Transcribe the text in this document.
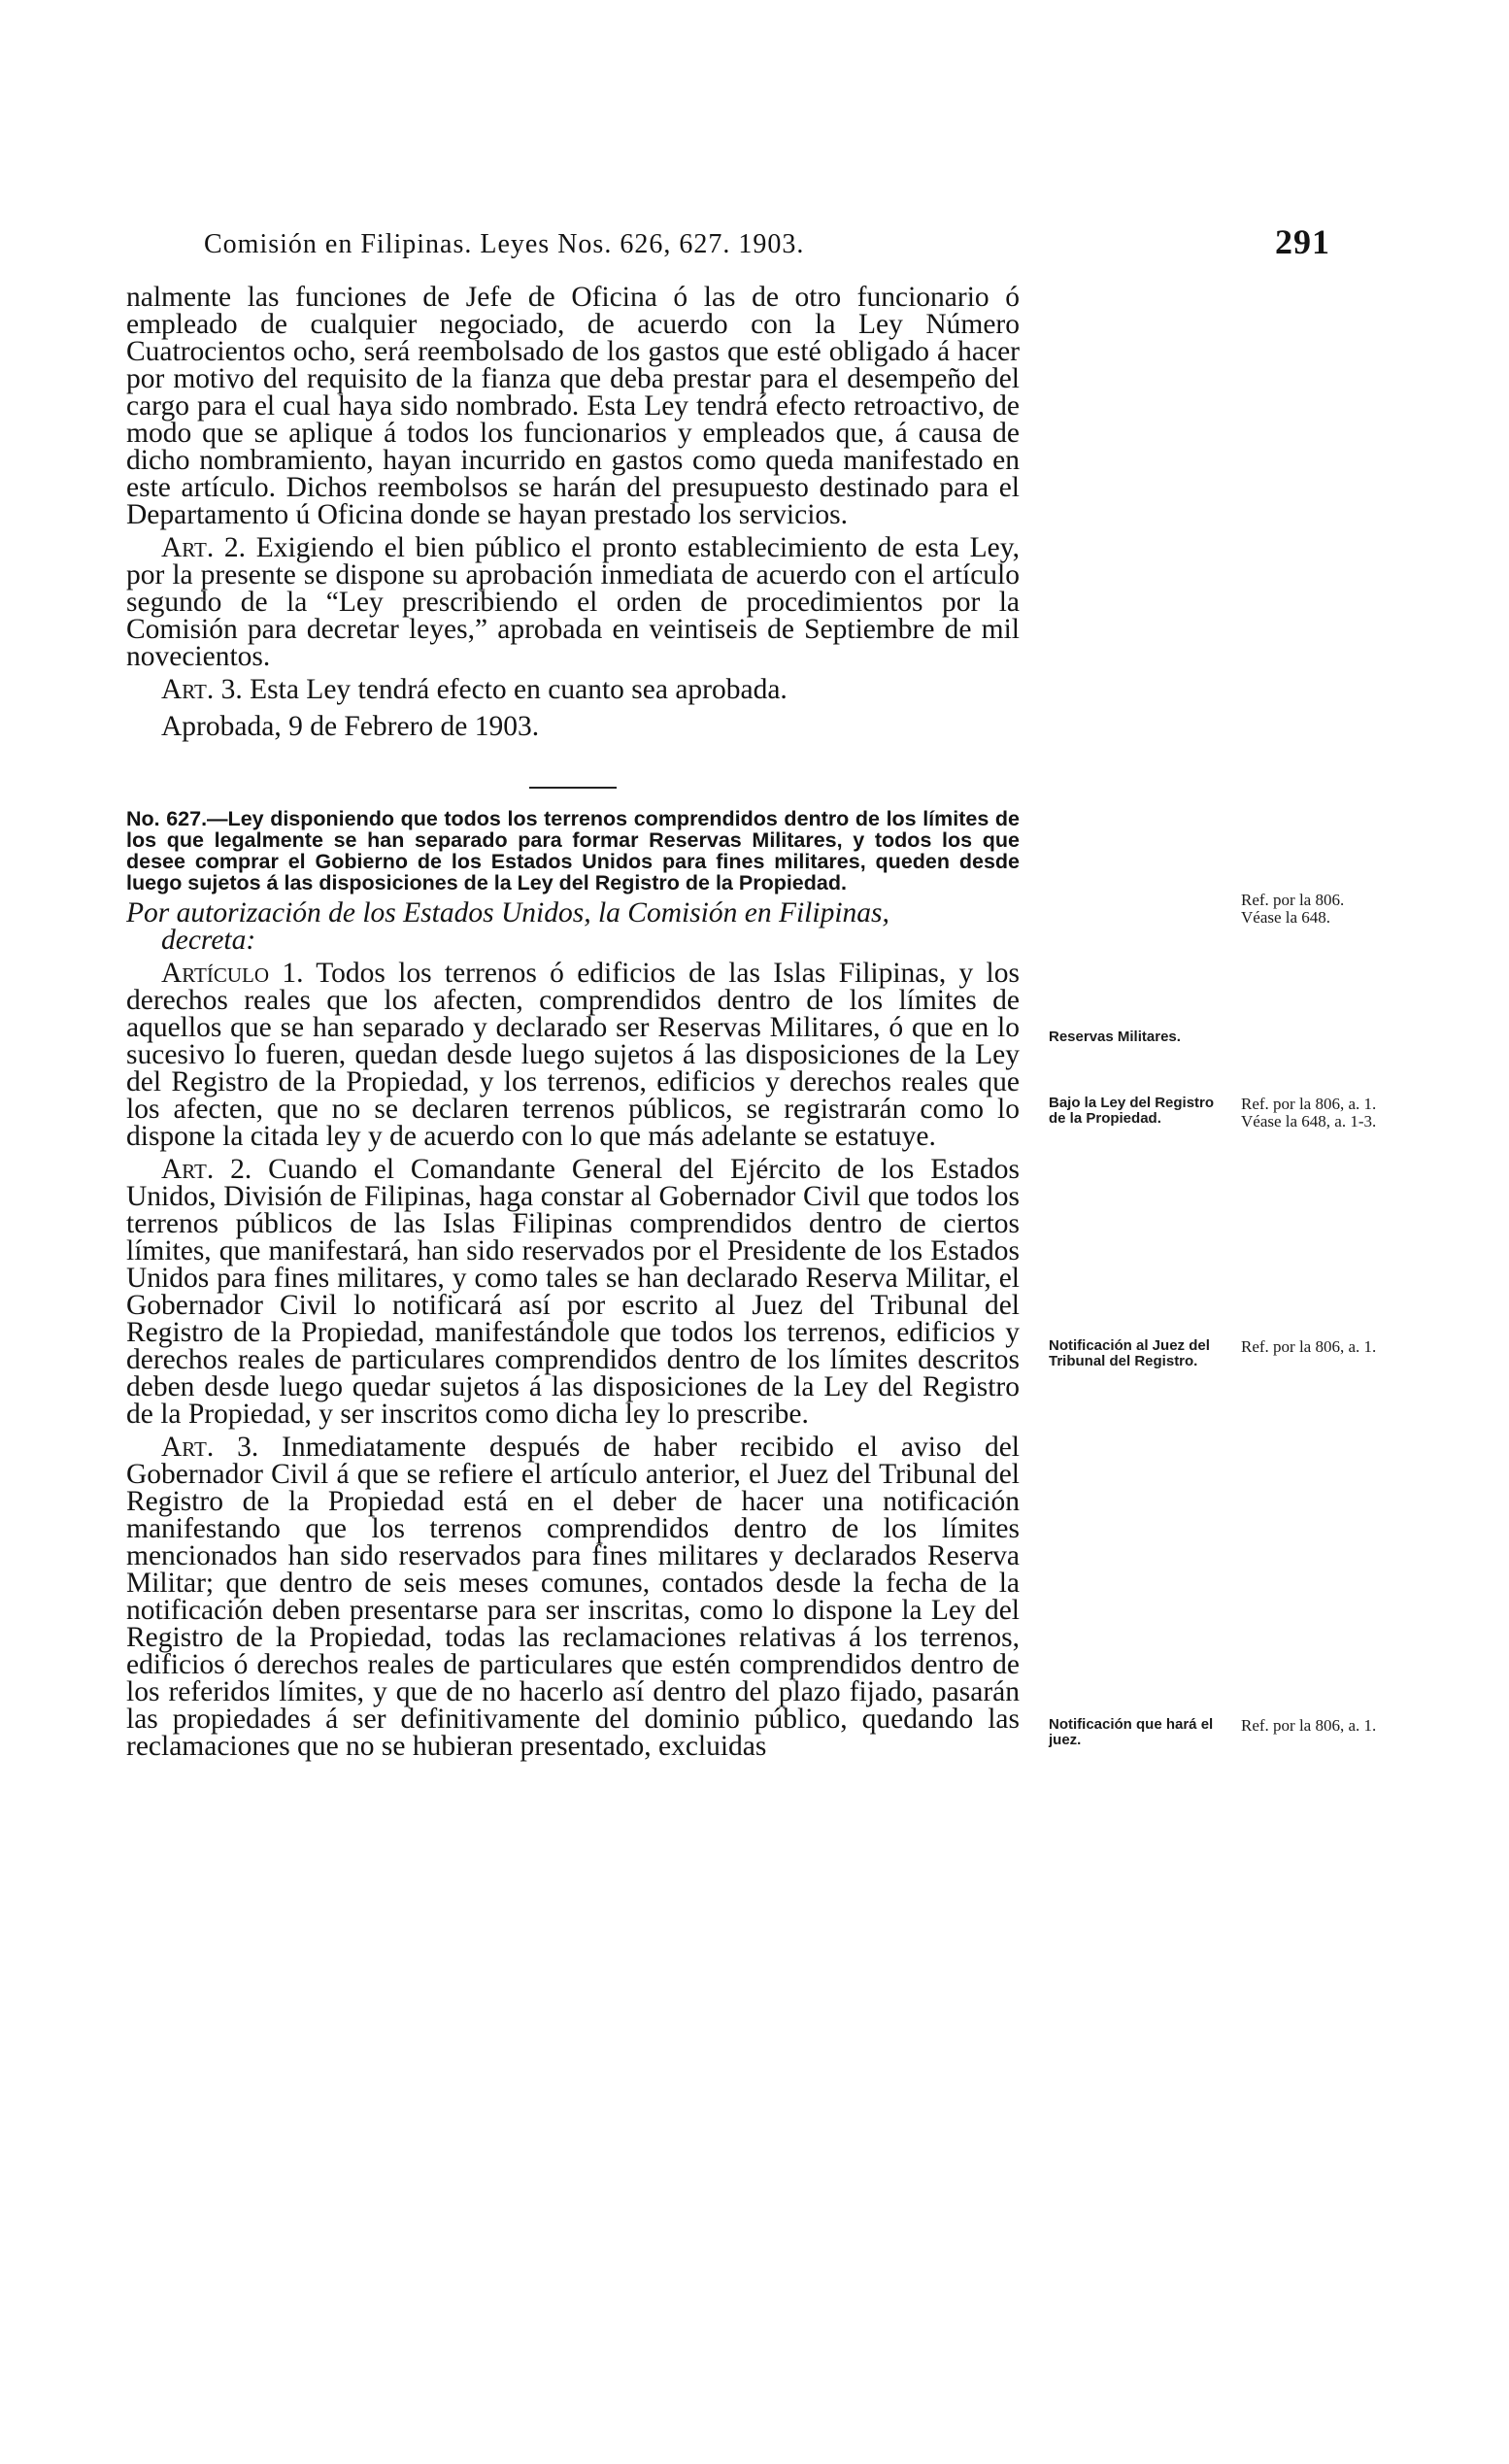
Comisión en Filipinas. Leyes Nos. 626, 627. 1903.	291

nalmente las funciones de Jefe de Oficina ó las de otro funcionario ó empleado de cualquier negociado, de acuerdo con la Ley Número Cuatrocientos ocho, será reembolsado de los gastos que esté obligado á hacer por motivo del requisito de la fianza que deba prestar para el desempeño del cargo para el cual haya sido nombrado. Esta Ley tendrá efecto retroactivo, de modo que se aplique á todos los funcionarios y empleados que, á causa de dicho nombramiento, hayan incurrido en gastos como queda manifestado en este artículo. Dichos reembolsos se harán del presupuesto destinado para el Departamento ú Oficina donde se hayan prestado los servicios.

Art. 2. Exigiendo el bien público el pronto establecimiento de esta Ley, por la presente se dispone su aprobación inmediata de acuerdo con el artículo segundo de la “Ley prescribiendo el orden de procedimientos por la Comisión para decretar leyes,” aprobada en veintiseis de Septiembre de mil novecientos.

Art. 3. Esta Ley tendrá efecto en cuanto sea aprobada.

Aprobada, 9 de Febrero de 1903.

No. 627.—Ley disponiendo que todos los terrenos comprendidos dentro de los límites de los que legalmente se han separado para formar Reservas Militares, y todos los que desee comprar el Gobierno de los Estados Unidos para fines militares, queden desde luego sujetos á las disposiciones de la Ley del Registro de la Propiedad.

Por autorización de los Estados Unidos, la Comisión en Filipinas,
decreta:

Artículo 1. Todos los terrenos ó edificios de las Islas Filipinas, y los derechos reales que los afecten, comprendidos dentro de los límites de aquellos que se han separado y declarado ser Reservas Militares, ó que en lo sucesivo lo fueren, quedan desde luego sujetos á las disposiciones de la Ley del Registro de la Propiedad, y los terrenos, edificios y derechos reales que los afecten, que no se declaren terrenos públicos, se registrarán como lo dispone la citada ley y de acuerdo con lo que más adelante se estatuye.

Art. 2. Cuando el Comandante General del Ejército de los Estados Unidos, División de Filipinas, haga constar al Gobernador Civil que todos los terrenos públicos de las Islas Filipinas comprendidos dentro de ciertos límites, que manifestará, han sido reservados por el Presidente de los Estados Unidos para fines militares, y como tales se han declarado Reserva Militar, el Gobernador Civil lo notificará así por escrito al Juez del Tribunal del Registro de la Propiedad, manifestándole que todos los terrenos, edificios y derechos reales de particulares comprendidos dentro de los límites descritos deben desde luego quedar sujetos á las disposiciones de la Ley del Registro de la Propiedad, y ser inscritos como dicha ley lo prescribe.

Art. 3. Inmediatamente después de haber recibido el aviso del Gobernador Civil á que se refiere el artículo anterior, el Juez del Tribunal del Registro de la Propiedad está en el deber de hacer una notificación manifestando que los terrenos comprendidos dentro de los límites mencionados han sido reservados para fines militares y declarados Reserva Militar; que dentro de seis meses comunes, contados desde la fecha de la notificación deben presentarse para ser inscritas, como lo dispone la Ley del Registro de la Propiedad, todas las reclamaciones relativas á los terrenos, edificios ó derechos reales de particulares que estén comprendidos dentro de los referidos límites, y que de no hacerlo así dentro del plazo fijado, pasarán las propiedades á ser definitivamente del dominio público, quedando las reclamaciones que no se hubieran presentado, excluidas

Reservas Militares.
Bajo la Ley del Registro de la Propiedad.
Notificación al Juez del Tribunal del Registro.
Notificación que hará el juez.
Ref. por la 806. Véase la 648.
Ref. por la 806, a. 1. Véase la 648, a. 1-3.
Ref. por la 806, a. 1.
Ref. por la 806, a. 1.
